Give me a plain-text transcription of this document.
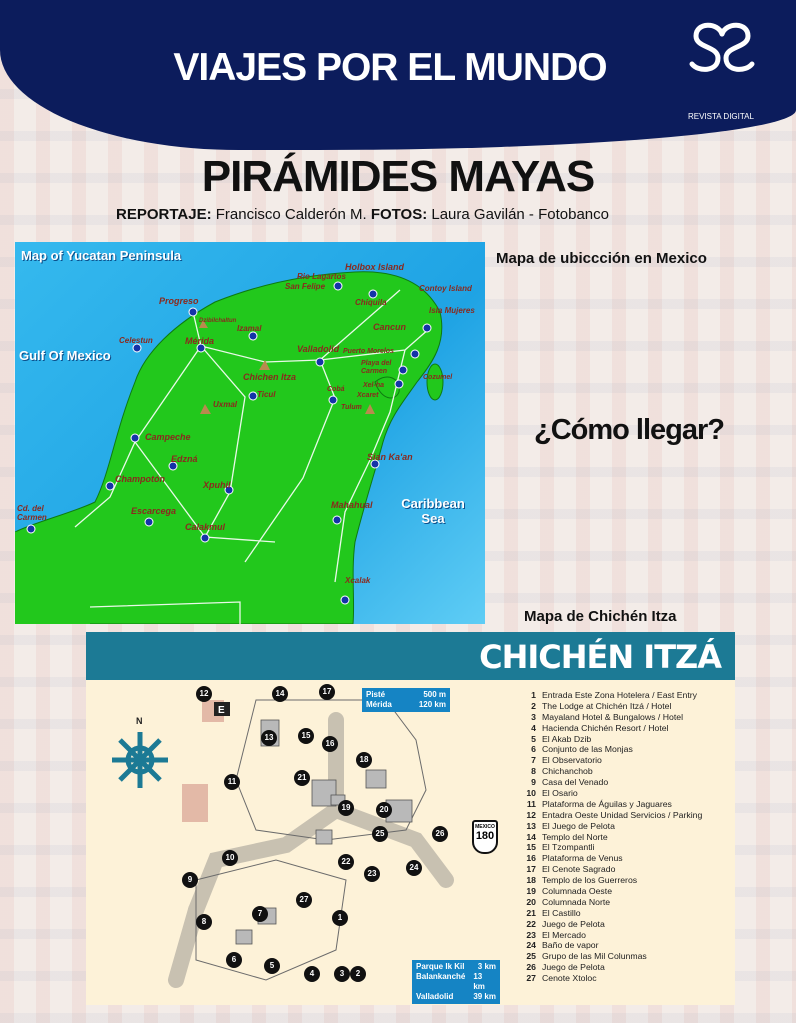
VIAJES POR EL MUNDO
REVISTA DIGITAL
PIRÁMIDES MAYAS
REPORTAJE: Francisco Calderón M. FOTOS: Laura Gavilán - Fotobanco
Map of Yucatan Peninsula
Gulf Of Mexico
Caribbean Sea
Holbox Island
Rio Lagartos
San Felipe	Contoy Island
Chiquila
Isla Mujeres
Progreso
Dzibilchaltun
Izamal	Cancun
Celestun	Mérida
Valladolid Puerto Morelos
Playa del Carmen
Chichen Itza	Cozumel
Cobá
Xel-ha
Xcaret
Ticul
Tulum
Uxmal
Campeche
Sian Ka'an
Edzná
Champotón
Xpuhil
Cd. del Carmen
Escarcega
Mahahual
Calakmul
Xcalak
Mapa de ubiccción en Mexico
¿Cómo llegar?
Mapa de Chichén Itza
CHICHÉN ITZÁ
N
E
12	14	17
13	15
16
18
11	21
19	20
25	26
10	22
23
24
9
27
7
8	1
6
5
4	3	2
Pisté	500 m
Mérida	120 km
Parque Ik Kil 3 km
Balankanché 13 km
Valladolid 39 km
MEXICO
180
1 Entrada Este Zona Hotelera / East Entry
2 The Lodge at Chichén Itzá / Hotel
3 Mayaland Hotel & Bungalows / Hotel
4 Hacienda Chichén Resort / Hotel
5 El Akab Dzib
6 Conjunto de las Monjas
7 El Observatorio
8 Chichanchob
9 Casa del Venado
10 El Osario
11 Plataforma de Águilas y Jaguares
12 Entadra Oeste Unidad Servicios / Parking
13 El Juego de Pelota
14 Templo del Norte
15 El Tzompantli
16 Plataforma de Venus
17 El Cenote Sagrado
18 Templo de los Guerreros
19 Columnada Oeste
20 Columnada Norte
21 El Castillo
22 Juego de Pelota
23 El Mercado
24 Baño de vapor
25 Grupo de las Mil Colunmas
26 Juego de Pelota
27 Cenote Xtoloc
